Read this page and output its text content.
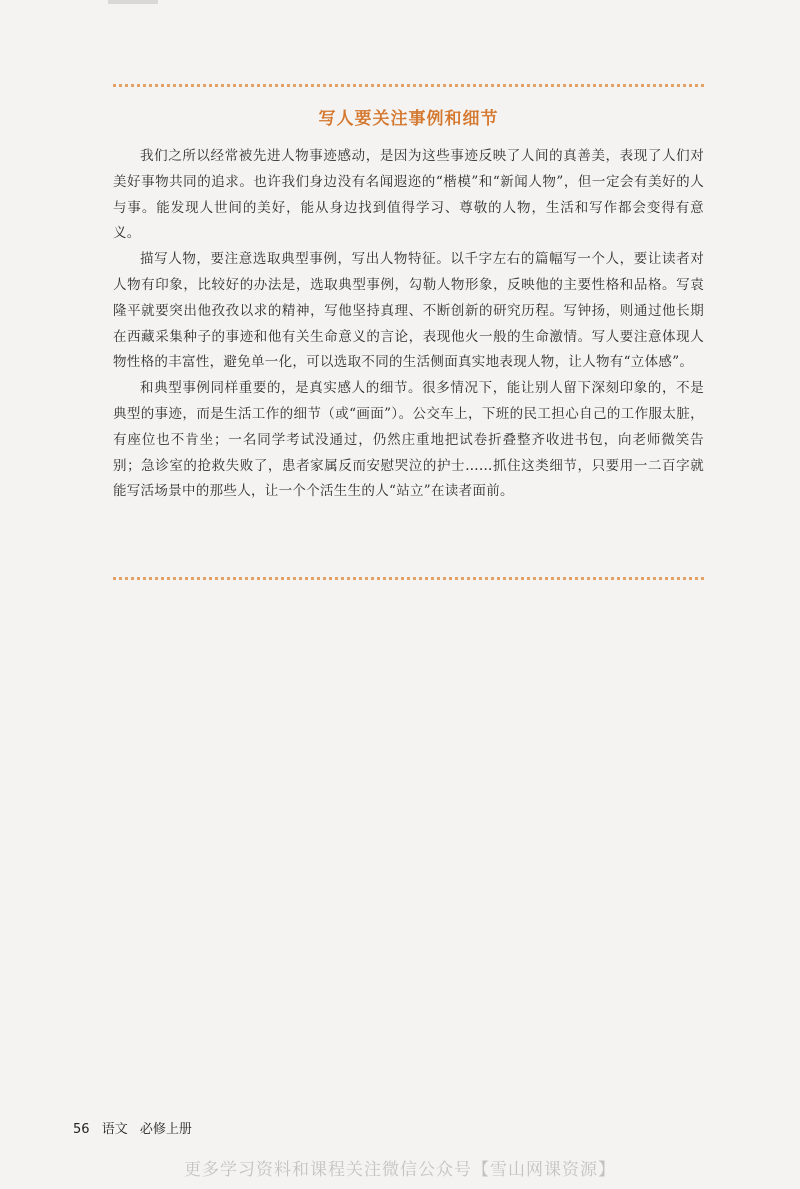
写人要关注事例和细节

我们之所以经常被先进人物事迹感动，是因为这些事迹反映了人间的真善美，表现了人们对美好事物共同的追求。也许我们身边没有名闻遐迩的“楷模”和“新闻人物”，但一定会有美好的人与事。能发现人世间的美好，能从身边找到值得学习、尊敬的人物，生活和写作都会变得有意义。

描写人物，要注意选取典型事例，写出人物特征。以千字左右的篇幅写一个人，要让读者对人物有印象，比较好的办法是，选取典型事例，勾勒人物形象，反映他的主要性格和品格。写袁隆平就要突出他孜孜以求的精神，写他坚持真理、不断创新的研究历程。写钟扬，则通过他长期在西藏采集种子的事迹和他有关生命意义的言论，表现他火一般的生命激情。写人要注意体现人物性格的丰富性，避免单一化，可以选取不同的生活侧面真实地表现人物，让人物有“立体感”。

和典型事例同样重要的，是真实感人的细节。很多情况下，能让别人留下深刻印象的，不是典型的事迹，而是生活工作的细节（或“画面”）。公交车上，下班的民工担心自己的工作服太脏，有座位也不肯坐；一名同学考试没通过，仍然庄重地把试卷折叠整齐收进书包，向老师微笑告别；急诊室的抢救失败了，患者家属反而安慰哭泣的护士……抓住这类细节，只要用一二百字就能写活场景中的那些人，让一个个活生生的人“站立”在读者面前。

56 语文 必修上册
更多学习资料和课程关注微信公众号【雪山网课资源】
